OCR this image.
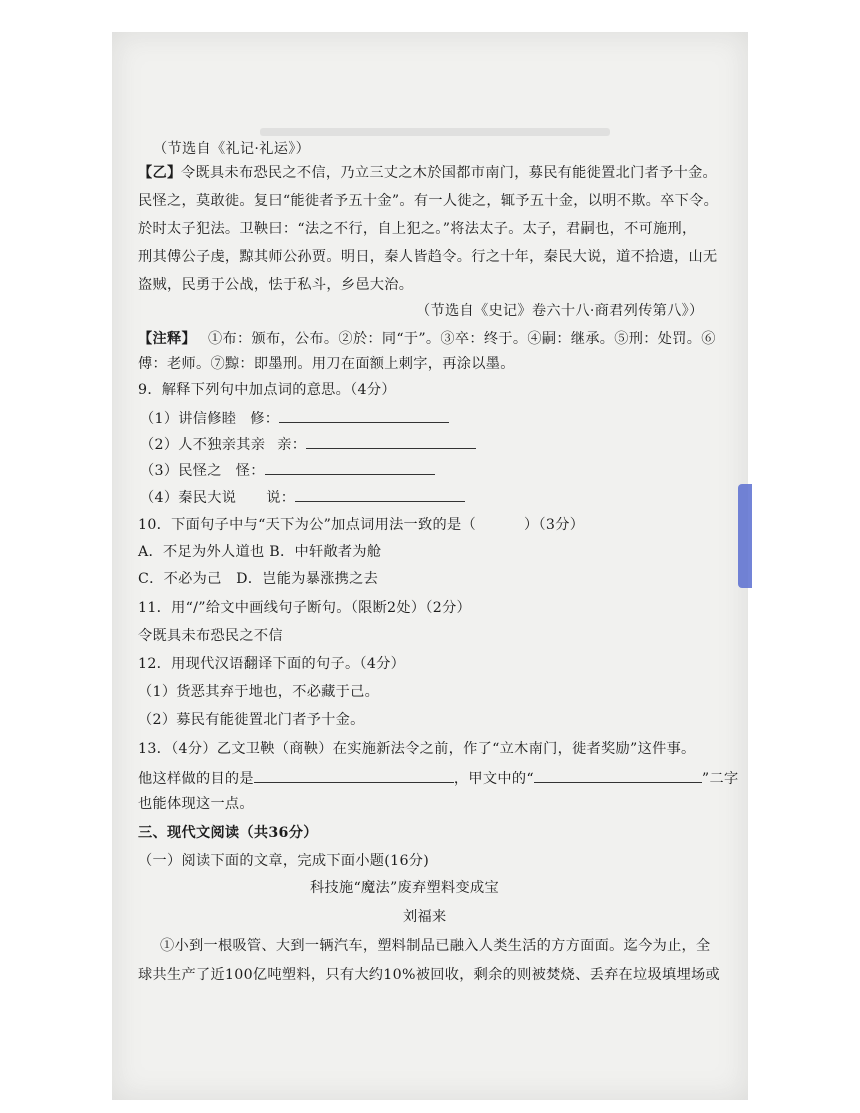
（节选自《礼记·礼运》）
【乙】 令既具未布恐民之不信，乃立三丈之木於国都市南门，募民有能徙置北门者予十金。
民怪之，莫敢徙。复曰“能徙者予五十金”。有一人徙之，辄予五十金，以明不欺。卒下令。
於时太子犯法。卫鞅曰：“法之不行，自上犯之。”将法太子。太子，君嗣也，不可施刑，
刑其傅公子虔，黥其师公孙贾。明日，秦人皆趋令。行之十年，秦民大说，道不拾遗，山无
盗贼，民勇于公战，怯于私斗，乡邑大治。
（节选自《史记》卷六十八·商君列传第八》）
【注释】 ①布：颁布，公布。②於：同“于”。③卒：终于。④嗣：继承。⑤刑：处罚。⑥
傅：老师。⑦黥：即墨刑。用刀在面额上刺字，再涂以墨。
9．解释下列句中加点词的意思。（4分）
（1）讲信修睦 修：
（2）人不独亲其亲 亲：
（3）民怪之 怪：
（4）秦民大说 说：
10．下面句子中与“天下为公”加点词用法一致的是（	）（3分）
A．不足为外人道也 B．中轩敞者为舱
C．不必为己　D．岂能为暴涨携之去
11．用“/”给文中画线句子断句。（限断2处）（2分）
令既具未布恐民之不信
12．用现代汉语翻译下面的句子。（4分）
（1）货恶其弃于地也，不必藏于己。
（2）募民有能徙置北门者予十金。
13．（4分）乙文卫鞅（商鞅）在实施新法令之前，作了“立木南门，徙者奖励”这件事。
他这样做的目的是	，甲文中的“	”二字
也能体现这一点。
三、现代文阅读（共36分）
（一）阅读下面的文章，完成下面小题(16分)
科技施“魔法”废弃塑料变成宝
刘福来
①小到一根吸管、大到一辆汽车，塑料制品已融入人类生活的方方面面。迄今为止，全
球共生产了近100亿吨塑料，只有大约10%被回收，剩余的则被焚烧、丢弃在垃圾填埋场或
